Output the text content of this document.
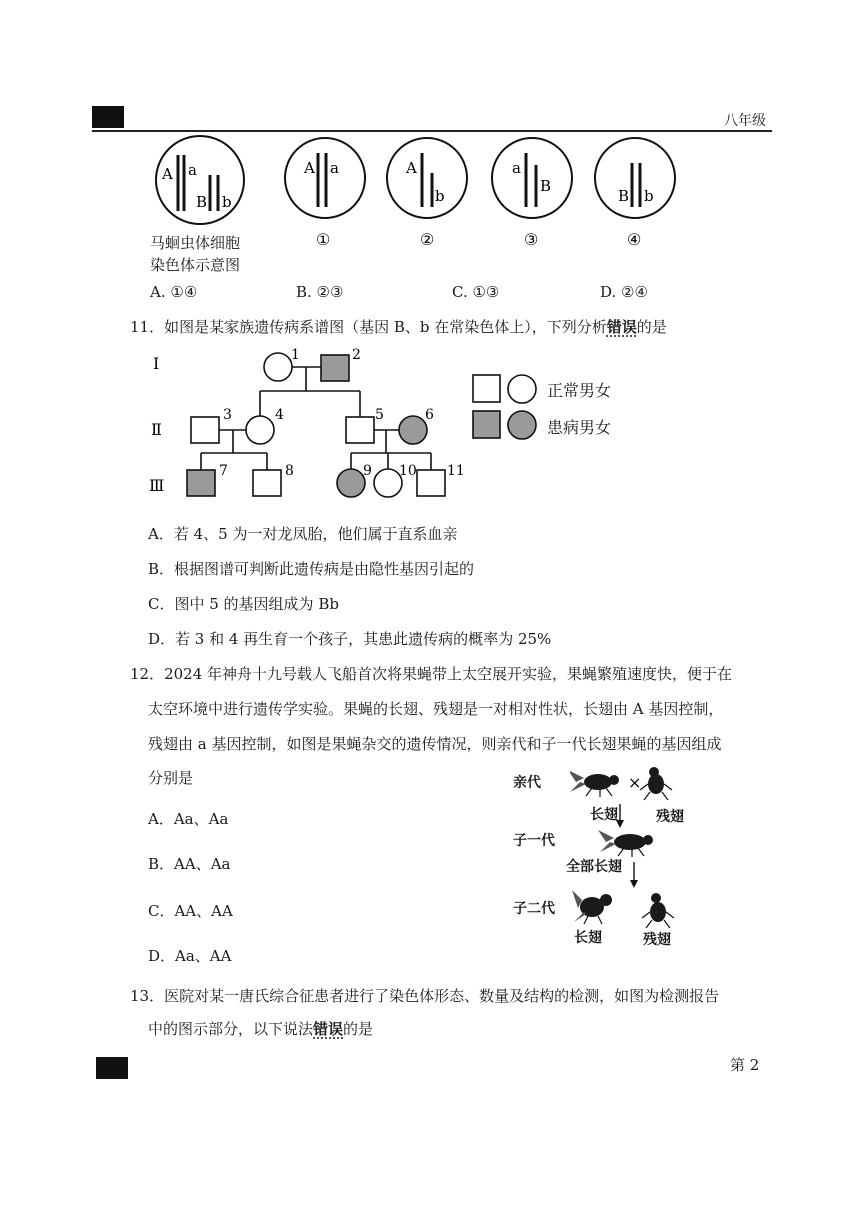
八年级
A a
B b
A a
①
A
b
②
a
B
③
B b
④
马蛔虫体细胞
染色体示意图
A. ①④	B. ②③	C. ①③	D. ②④
11．如图是某家族遗传病系谱图（基因 B、b 在常染色体上），下列分析错误的是
Ⅰ
Ⅱ
Ⅲ
1	2
3	4	5	6
7	8	9 10 11
正常男女
患病男女
A．若 4、5 为一对龙凤胎，他们属于直系血亲
B．根据图谱可判断此遗传病是由隐性基因引起的
C．图中 5 的基因组成为 Bb
D．若 3 和 4 再生育一个孩子，其患此遗传病的概率为 25%
12．2024 年神舟十九号载人飞船首次将果蝇带上太空展开实验，果蝇繁殖速度快，便于在
太空环境中进行遗传学实验。果蝇的长翅、残翅是一对相对性状，长翅由 A 基因控制，
残翅由 a 基因控制，如图是果蝇杂交的遗传情况，则亲代和子一代长翅果蝇的基因组成
分别是
A．Aa、Aa
B．AA、Aa
C．AA、AA
D．Aa、AA
亲代
子一代
子二代
×
长翅	残翅
全部长翅
长翅	残翅
13．医院对某一唐氏综合征患者进行了染色体形态、数量及结构的检测，如图为检测报告
中的图示部分，以下说法错误的是
第 2
